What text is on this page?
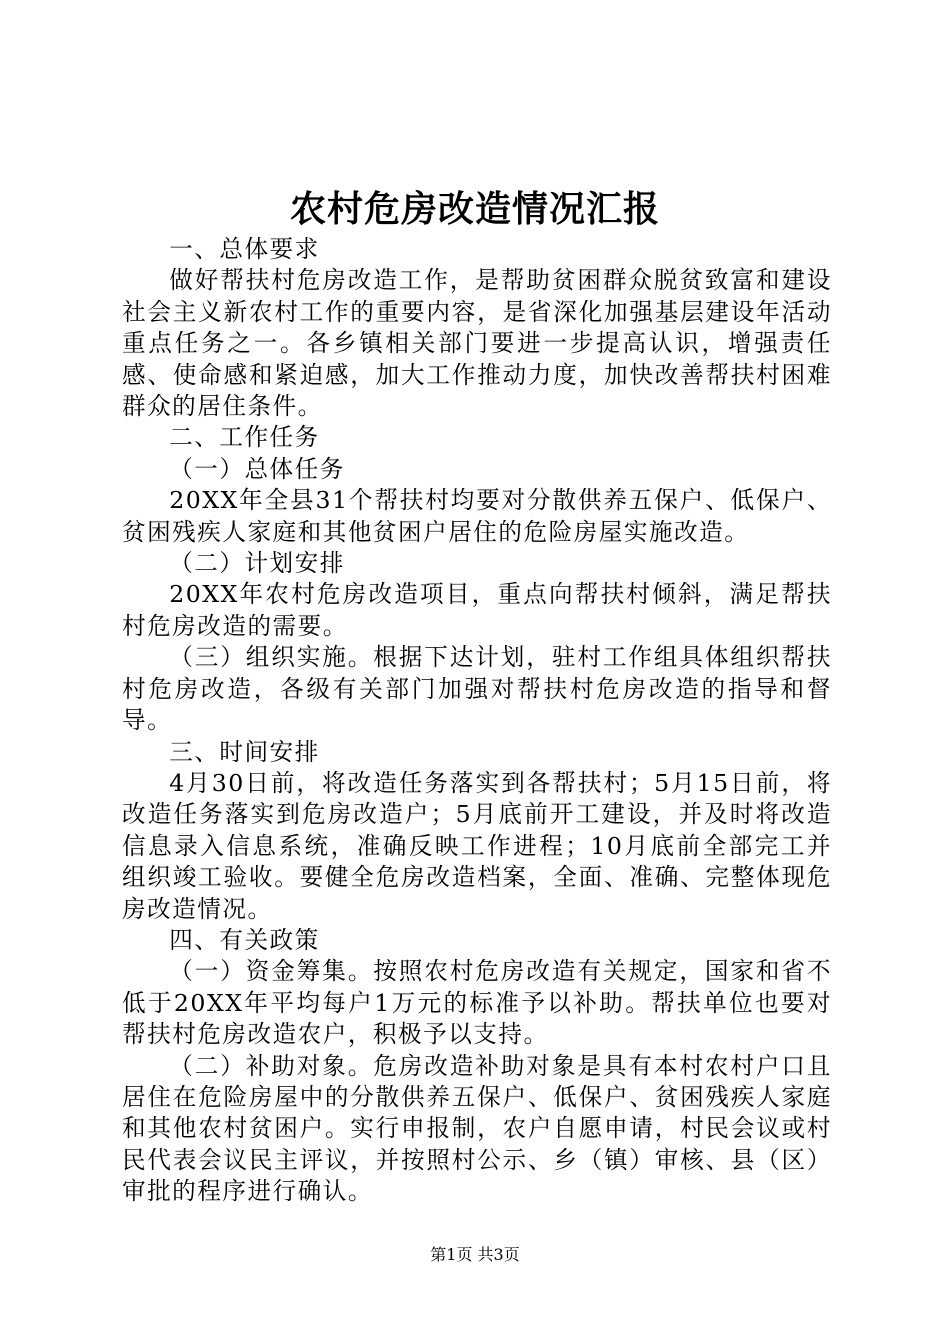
农村危房改造情况汇报

一、总体要求

做好帮扶村危房改造工作，是帮助贫困群众脱贫致富和建设社会主义新农村工作的重要内容，是省深化加强基层建设年活动重点任务之一。各乡镇相关部门要进一步提高认识，增强责任感、使命感和紧迫感，加大工作推动力度，加快改善帮扶村困难群众的居住条件。

二、工作任务

（一）总体任务

20XX年全县31个帮扶村均要对分散供养五保户、低保户、贫困残疾人家庭和其他贫困户居住的危险房屋实施改造。

（二）计划安排

20XX年农村危房改造项目，重点向帮扶村倾斜，满足帮扶村危房改造的需要。

（三）组织实施。根据下达计划，驻村工作组具体组织帮扶村危房改造，各级有关部门加强对帮扶村危房改造的指导和督导。

三、时间安排

4月30日前，将改造任务落实到各帮扶村；5月15日前，将改造任务落实到危房改造户；5月底前开工建设，并及时将改造信息录入信息系统，准确反映工作进程；10月底前全部完工并组织竣工验收。要健全危房改造档案，全面、准确、完整体现危房改造情况。

四、有关政策

（一）资金筹集。按照农村危房改造有关规定，国家和省不低于20XX年平均每户1万元的标准予以补助。帮扶单位也要对帮扶村危房改造农户，积极予以支持。

（二）补助对象。危房改造补助对象是具有本村农村户口且居住在危险房屋中的分散供养五保户、低保户、贫困残疾人家庭和其他农村贫困户。实行申报制，农户自愿申请，村民会议或村民代表会议民主评议，并按照村公示、乡（镇）审核、县（区）审批的程序进行确认。

第1页 共3页
